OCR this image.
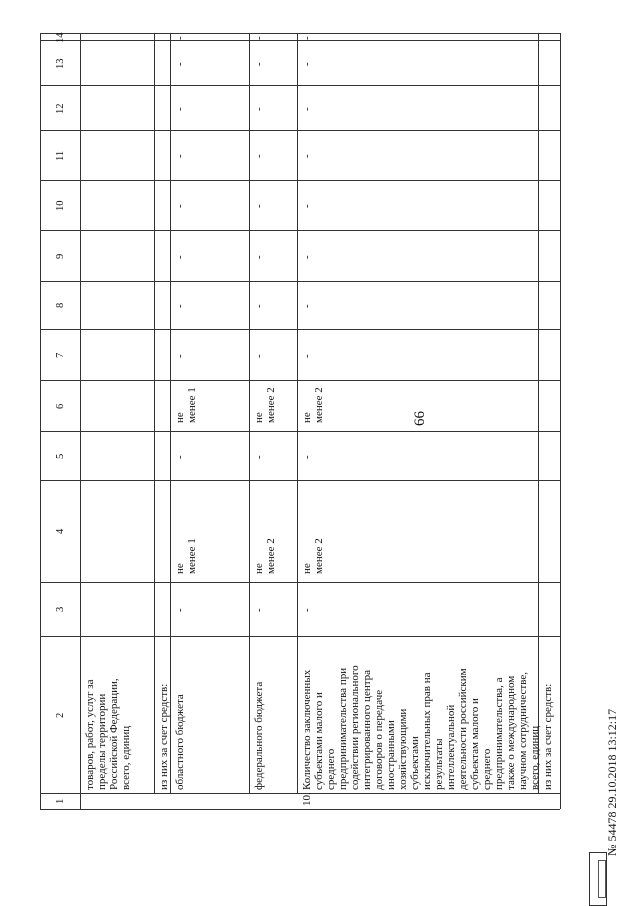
66
1
2
3
4
5
6
7
8
9
10
11
12
13
14
товаров, работ, услуг за пределы территории Российской Федерации, всего, единиц из них за счет средств: областного бюджета
-
не менее 1
-
не менее 1
-
-
-
-
-
-
-
-
федерального бюджета
-
не менее 2
-
не менее 2
-
-
-
-
-
-
-
-
10.
Количество заключенных субъектами малого и среднего предпринимательства при содействии регионального интегрированного центра договоров о передаче иностранными хозяйствующими субъектами исключительных прав на результаты интеллектуальной деятельности российским субъектам малого и среднего предпринимательства, а также о международном научном сотрудничестве, всего, единиц
-
не менее 2
-
не менее 2
-
-
-
-
-
-
-
-
из них за счет средств:	№ 54478 29.10.2018 13:12:17
